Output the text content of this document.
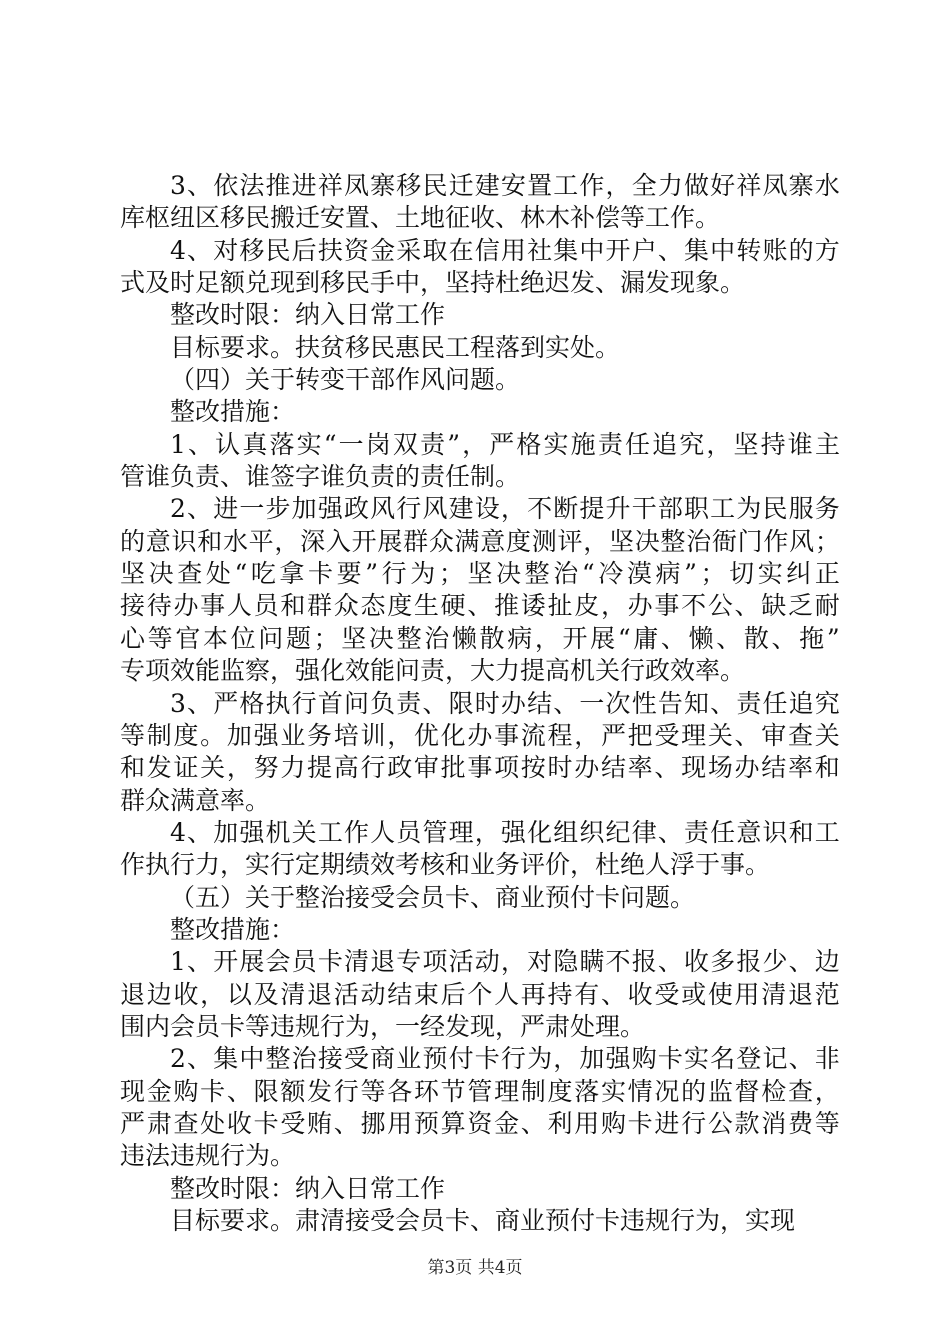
3 、 依 法 推 进 祥 凤 寨 移 民 迁 建 安 置 工 作 ， 全 力 做 好 祥 凤 寨 水
库枢纽区移民搬迁安置、土地征收、林木补偿等工作。
4 、 对 移 民 后 扶 资 金 采 取 在 信 用 社 集 中 开 户 、 集 中 转 账 的 方
式及时足额兑现到移民手中，坚持杜绝迟发、漏发现象。
整改时限：纳入日常工作
目标要求。扶贫移民惠民工程落到实处。
（四）关于转变干部作风问题。
整改措施：
1 、 认 真 落 实 “ 一 岗 双 责 ” ， 严 格 实 施 责 任 追 究 ， 坚 持 谁 主
管谁负责、谁签字谁负责的责任制。
2 、 进 一 步 加 强 政 风 行 风 建 设 ， 不 断 提 升 干 部 职 工 为 民 服 务
的 意 识 和 水 平 ， 深 入 开 展 群 众 满 意 度 测 评 ， 坚 决 整 治 衙 门 作 风 ；
坚 决 查 处 “ 吃 拿 卡 要 ” 行 为 ； 坚 决 整 治 “ 冷 漠 病 ” ； 切 实 纠 正
接 待 办 事 人 员 和 群 众 态 度 生 硬 、 推 诿 扯 皮 ， 办 事 不 公 、 缺 乏 耐
心 等 官 本 位 问 题 ； 坚 决 整 治 懒 散 病 ， 开 展 “ 庸 、 懒 、 散 、 拖 ”
专项效能监察，强化效能问责，大力提高机关行政效率。
3 、 严 格 执 行 首 问 负 责 、 限 时 办 结 、 一 次 性 告 知 、 责 任 追 究
等 制 度 。 加 强 业 务 培 训 ， 优 化 办 事 流 程 ， 严 把 受 理 关 、 审 查 关
和 发 证 关 ， 努 力 提 高 行 政 审 批 事 项 按 时 办 结 率 、 现 场 办 结 率 和
群众满意率。
4 、 加 强 机 关 工 作 人 员 管 理 ， 强 化 组 织 纪 律 、 责 任 意 识 和 工
作执行力，实行定期绩效考核和业务评价，杜绝人浮于事。
（五）关于整治接受会员卡、商业预付卡问题。
整改措施：
1 、 开 展 会 员 卡 清 退 专 项 活 动 ， 对 隐 瞒 不 报 、 收 多 报 少 、 边
退 边 收 ， 以 及 清 退 活 动 结 束 后 个 人 再 持 有 、 收 受 或 使 用 清 退 范
围内会员卡等违规行为，一经发现，严肃处理。
2 、 集 中 整 治 接 受 商 业 预 付 卡 行 为 ， 加 强 购 卡 实 名 登 记 、 非
现 金 购 卡 、 限 额 发 行 等 各 环 节 管 理 制 度 落 实 情 况 的 监 督 检 查 ，
严 肃 查 处 收 卡 受 贿 、 挪 用 预 算 资 金 、 利 用 购 卡 进 行 公 款 消 费 等
违法违规行为。
整改时限：纳入日常工作
目标要求。肃清接受会员卡、商业预付卡违规行为，实现
第3页 共4页
